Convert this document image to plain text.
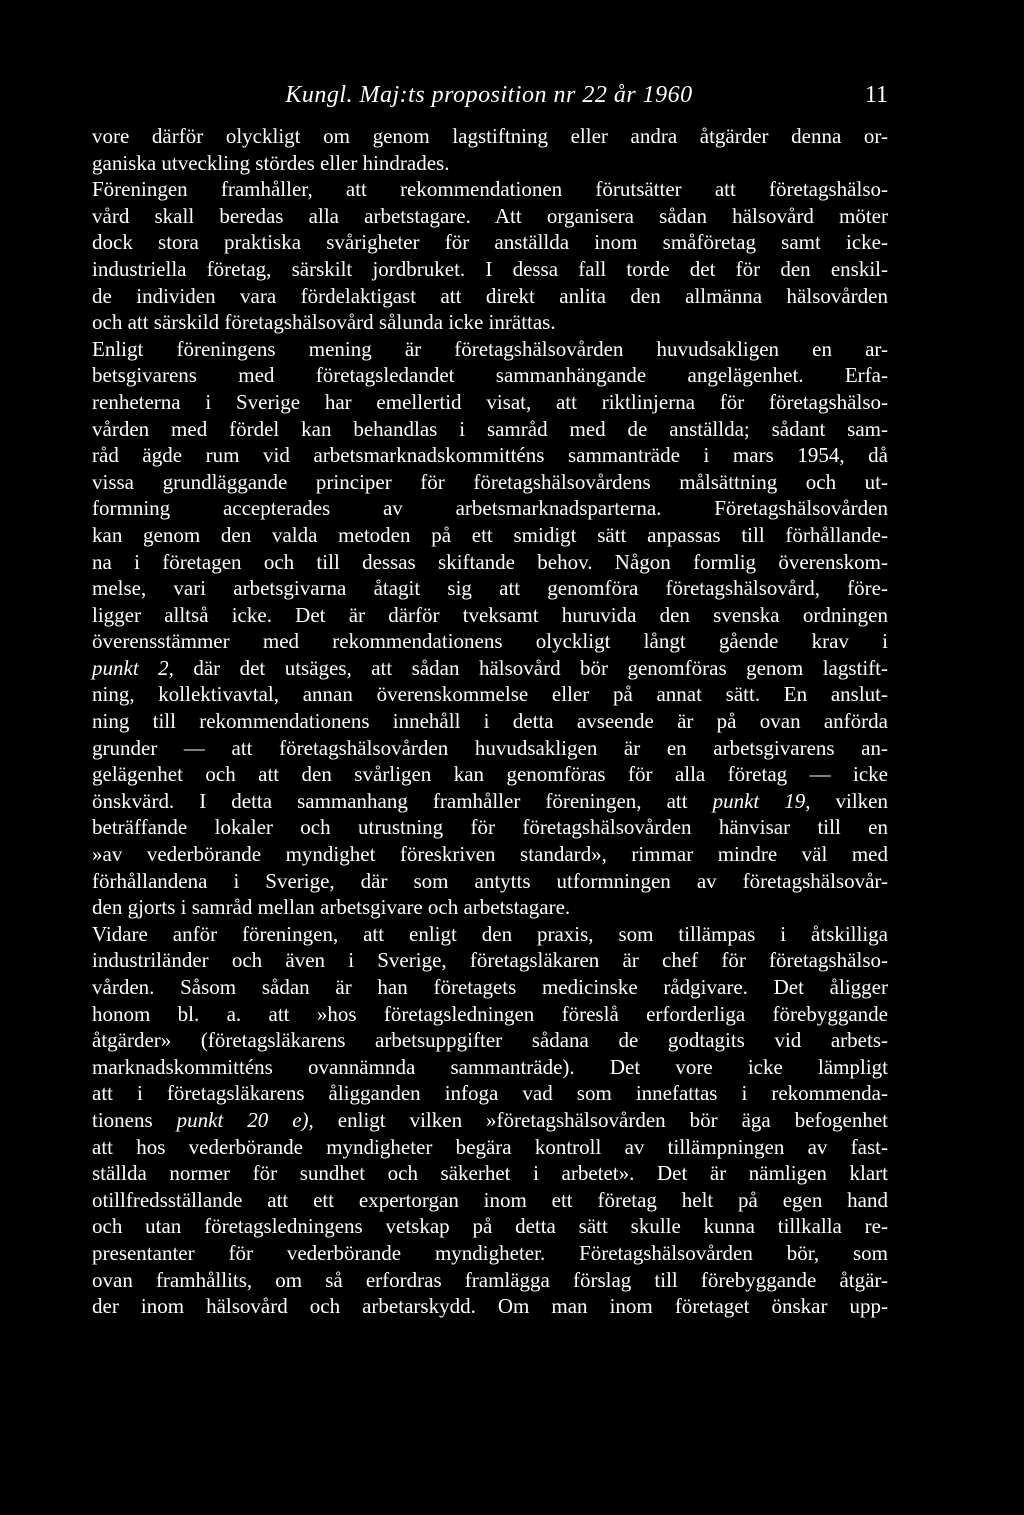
Kungl. Maj:ts proposition nr 22 år 1960	11
vore därför olyckligt om genom lagstiftning eller andra åtgärder denna or-
ganiska utveckling stördes eller hindrades.
Föreningen framhåller, att rekommendationen förutsätter att företagshälso-
vård skall beredas alla arbetstagare. Att organisera sådan hälsovård möter
dock stora praktiska svårigheter för anställda inom småföretag samt icke-
industriella företag, särskilt jordbruket. I dessa fall torde det för den enskil-
de individen vara fördelaktigast att direkt anlita den allmänna hälsovården
och att särskild företagshälsovård sålunda icke inrättas.
Enligt föreningens mening är företagshälsovården huvudsakligen en ar-
betsgivarens med företagsledandet sammanhängande angelägenhet. Erfa-
renheterna i Sverige har emellertid visat, att riktlinjerna för företagshälso-
vården med fördel kan behandlas i samråd med de anställda; sådant sam-
råd ägde rum vid arbetsmarknadskommitténs sammanträde i mars 1954, då
vissa grundläggande principer för företagshälsovårdens målsättning och ut-
formning accepterades av arbetsmarknadsparterna. Företagshälsovården
kan genom den valda metoden på ett smidigt sätt anpassas till förhållande-
na i företagen och till dessas skiftande behov. Någon formlig överenskom-
melse, vari arbetsgivarna åtagit sig att genomföra företagshälsovård, före-
ligger alltså icke. Det är därför tveksamt huruvida den svenska ordningen
överensstämmer med rekommendationens olyckligt långt gående krav i
punkt 2, där det utsäges, att sådan hälsovård bör genomföras genom lagstift-
ning, kollektivavtal, annan överenskommelse eller på annat sätt. En anslut-
ning till rekommendationens innehåll i detta avseende är på ovan anförda
grunder — att företagshälsovården huvudsakligen är en arbetsgivarens an-
gelägenhet och att den svårligen kan genomföras för alla företag — icke
önskvärd. I detta sammanhang framhåller föreningen, att punkt 19, vilken
beträffande lokaler och utrustning för företagshälsovården hänvisar till en
»av vederbörande myndighet föreskriven standard», rimmar mindre väl med
förhållandena i Sverige, där som antytts utformningen av företagshälsovår-
den gjorts i samråd mellan arbetsgivare och arbetstagare.
Vidare anför föreningen, att enligt den praxis, som tillämpas i åtskilliga
industriländer och även i Sverige, företagsläkaren är chef för företagshälso-
vården. Såsom sådan är han företagets medicinske rådgivare. Det åligger
honom bl. a. att »hos företagsledningen föreslå erforderliga förebyggande
åtgärder» (företagsläkarens arbetsuppgifter sådana de godtagits vid arbets-
marknadskommitténs ovannämnda sammanträde). Det vore icke lämpligt
att i företagsläkarens åligganden infoga vad som innefattas i rekommenda-
tionens punkt 20 e), enligt vilken »företagshälsovården bör äga befogenhet
att hos vederbörande myndigheter begära kontroll av tillämpningen av fast-
ställda normer för sundhet och säkerhet i arbetet». Det är nämligen klart
otillfredsställande att ett expertorgan inom ett företag helt på egen hand
och utan företagsledningens vetskap på detta sätt skulle kunna tillkalla re-
presentanter för vederbörande myndigheter. Företagshälsovården bör, som
ovan framhållits, om så erfordras framlägga förslag till förebyggande åtgär-
der inom hälsovård och arbetarskydd. Om man inom företaget önskar upp-
